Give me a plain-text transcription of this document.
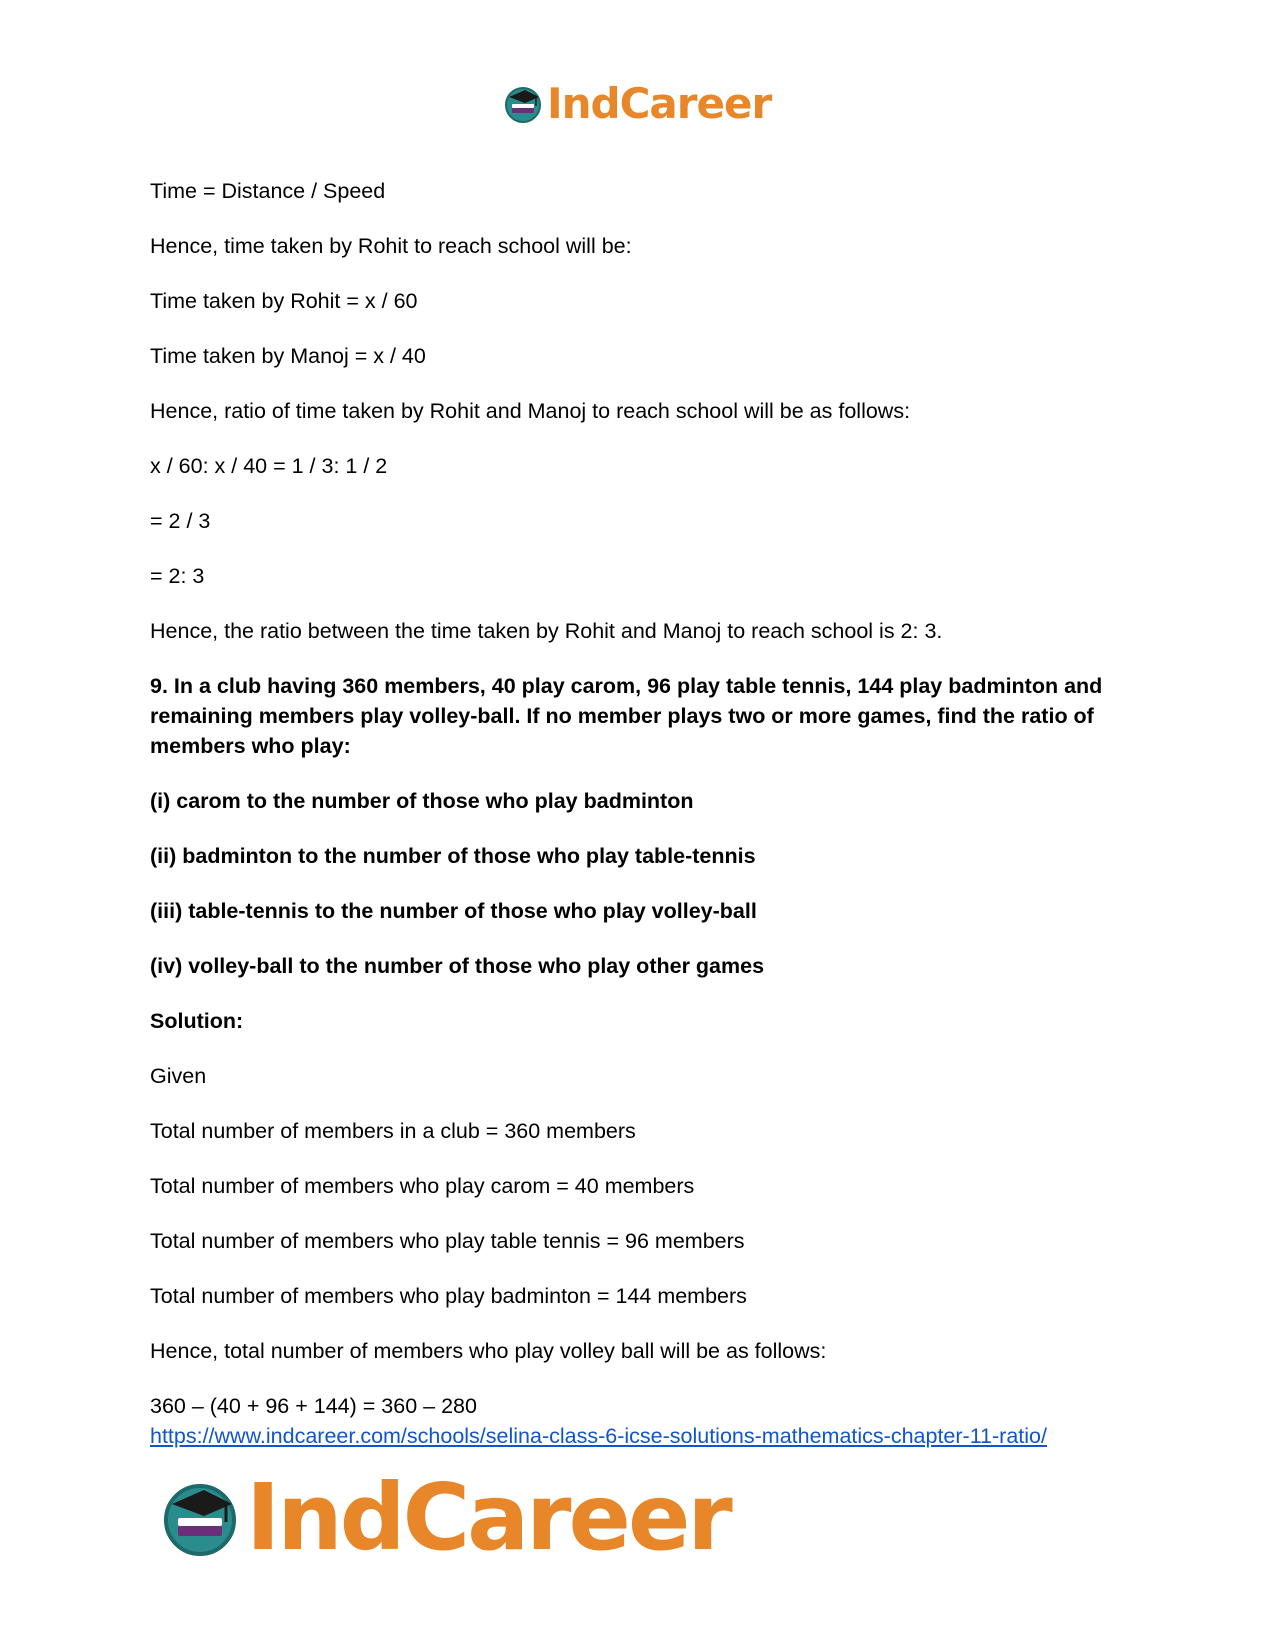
IndCareer

Time = Distance / Speed

Hence, time taken by Rohit to reach school will be:

Time taken by Rohit = x / 60

Time taken by Manoj = x / 40

Hence, ratio of time taken by Rohit and Manoj to reach school will be as follows:

x / 60: x / 40 = 1 / 3: 1 / 2

= 2 / 3

= 2: 3

Hence, the ratio between the time taken by Rohit and Manoj to reach school is 2: 3.

9. In a club having 360 members, 40 play carom, 96 play table tennis, 144 play badminton and remaining members play volley-ball. If no member plays two or more games, find the ratio of members who play:

(i) carom to the number of those who play badminton

(ii) badminton to the number of those who play table-tennis

(iii) table-tennis to the number of those who play volley-ball

(iv) volley-ball to the number of those who play other games

Solution:

Given

Total number of members in a club = 360 members

Total number of members who play carom = 40 members

Total number of members who play table tennis = 96 members

Total number of members who play badminton = 144 members

Hence, total number of members who play volley ball will be as follows:

360 – (40 + 96 + 144) = 360 – 280

https://www.indcareer.com/schools/selina-class-6-icse-solutions-mathematics-chapter-11-ratio/

IndCareer
